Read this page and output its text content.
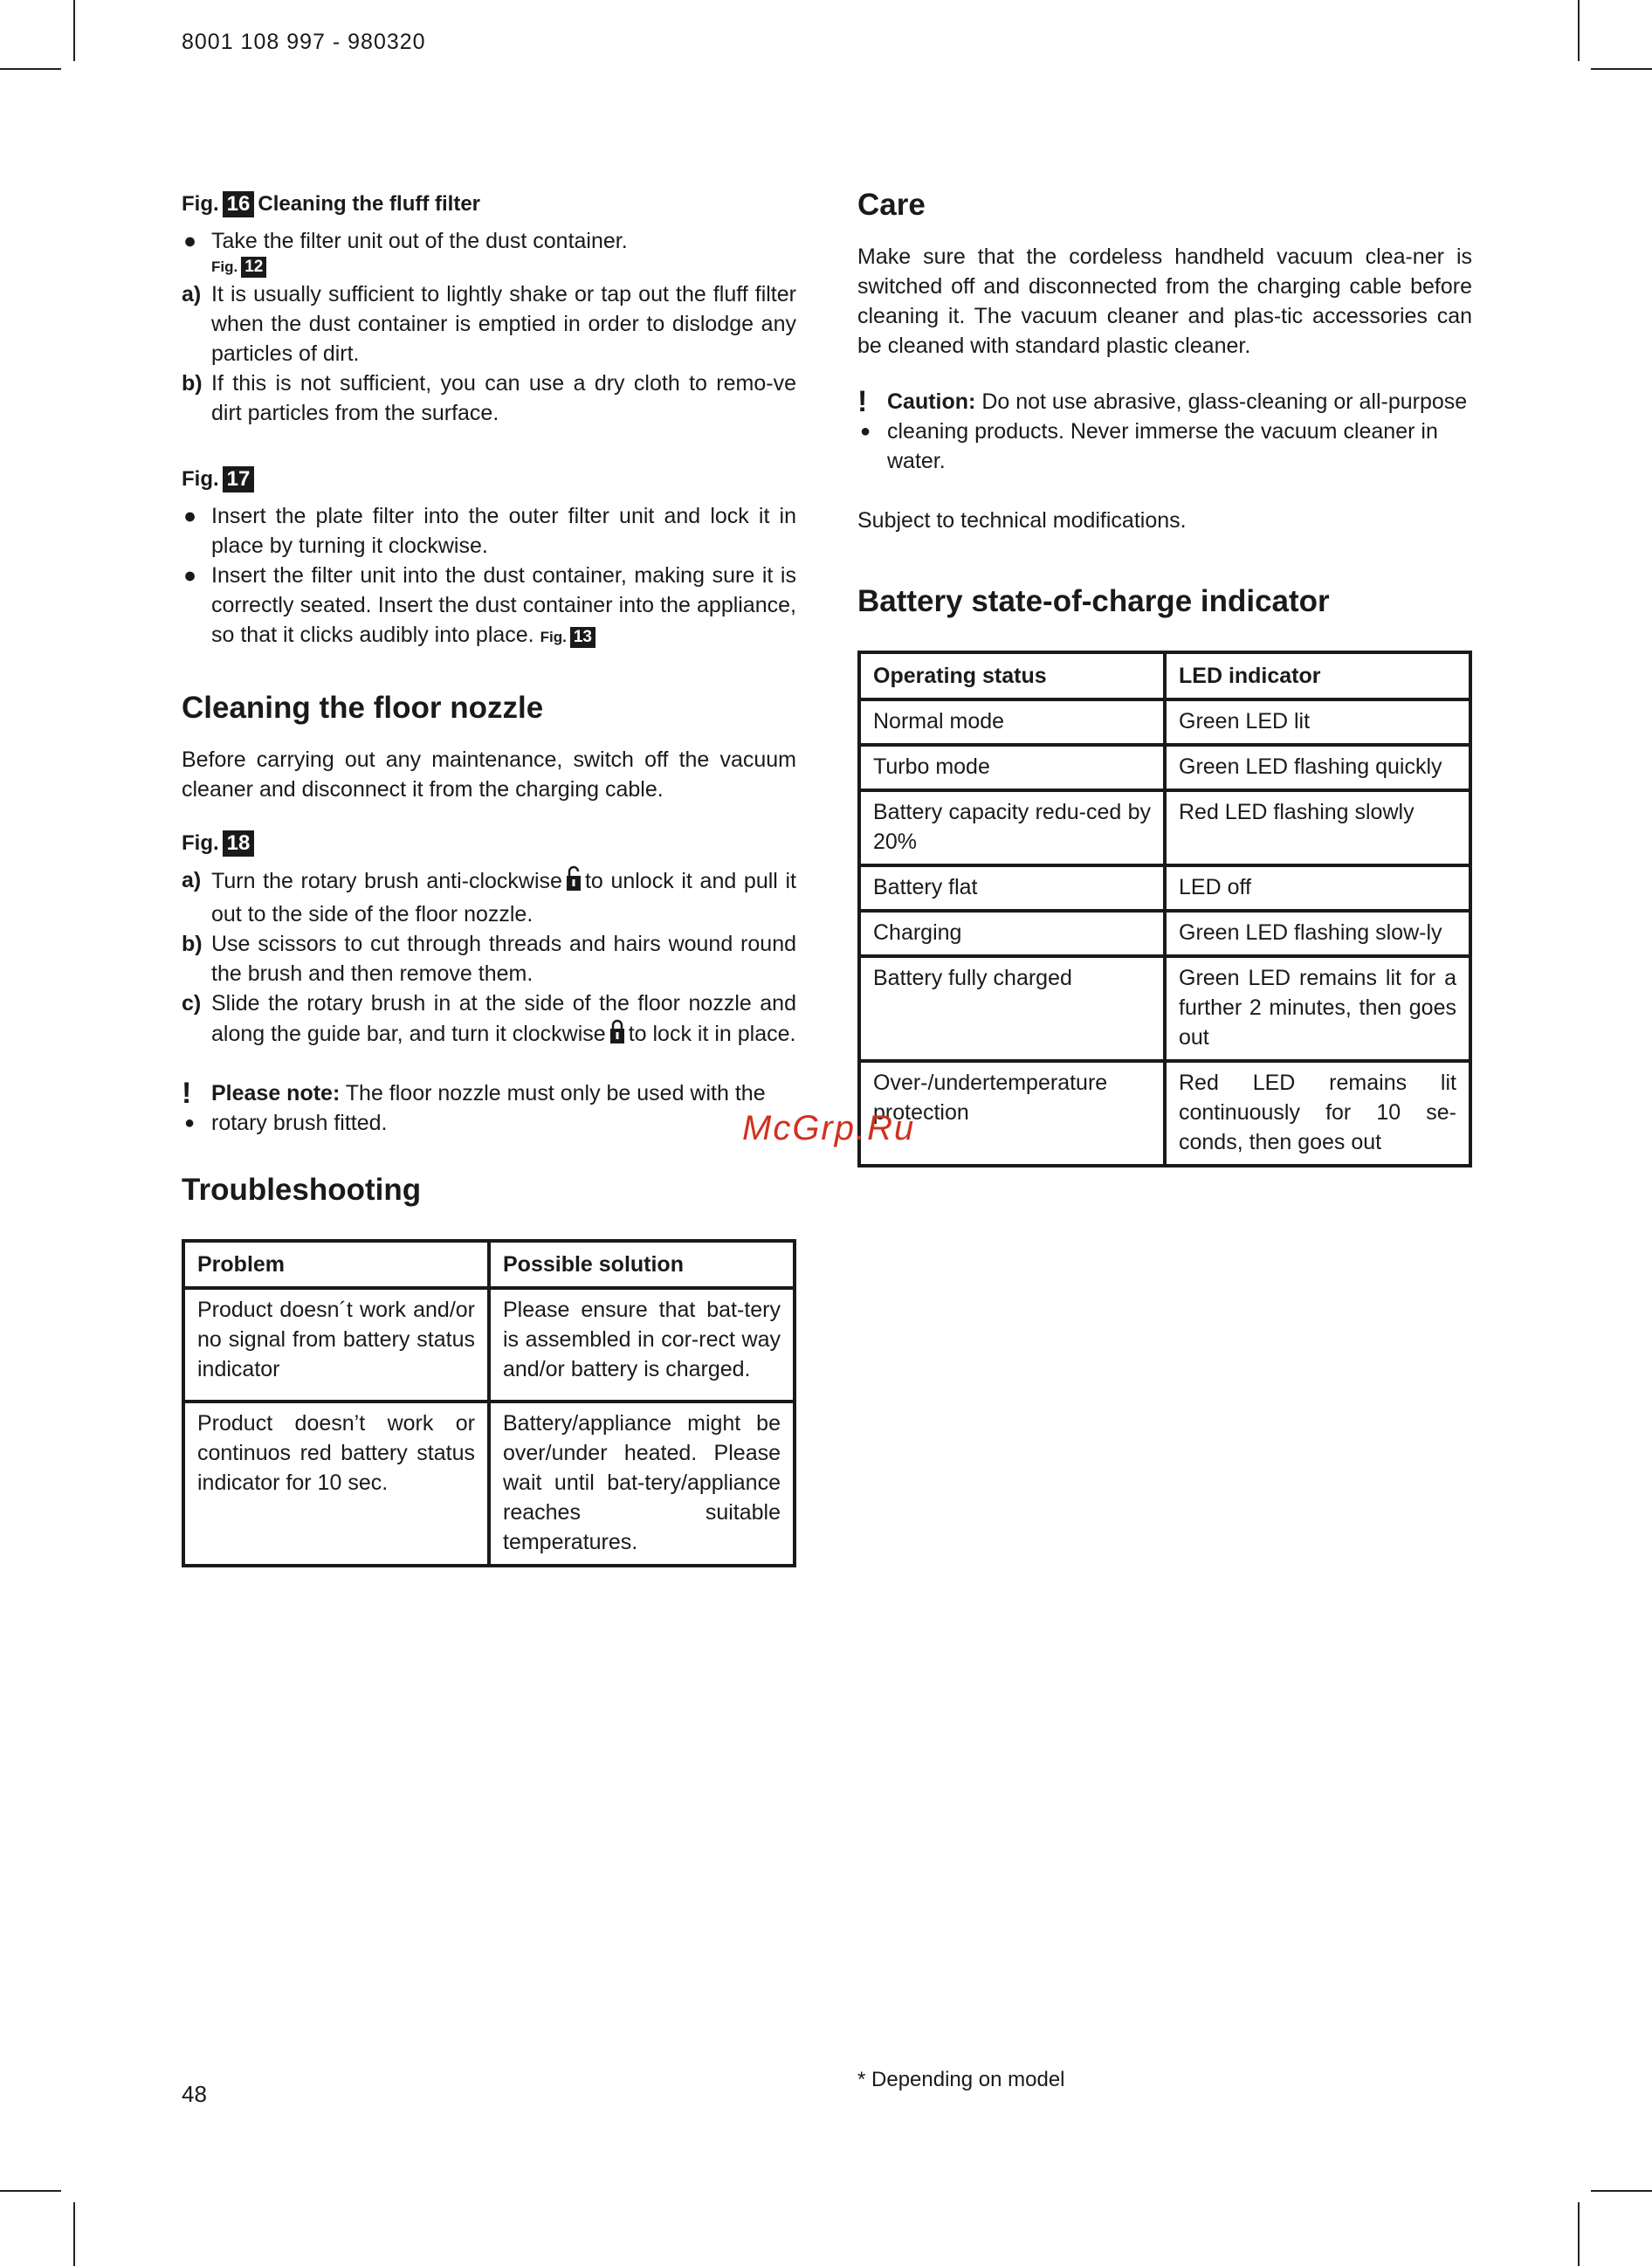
8001 108 997 - 980320

Fig. 16 Cleaning the fluff filter

● Take the filter unit out of the dust container.
Fig. 12
a) It is usually sufficient to lightly shake or tap out the fluff filter when the dust container is emptied in order to dislodge any particles of dirt.
b) If this is not sufficient, you can use a dry cloth to remo-ve dirt particles from the surface.

Fig. 17

● Insert the plate filter into the outer filter unit and lock it in place by turning it clockwise.
● Insert the filter unit into the dust container, making sure it is correctly seated. Insert the dust container into the appliance, so that it clicks audibly into place. Fig. 13
Cleaning the floor nozzle
Before carrying out any maintenance, switch off the vacuum cleaner and disconnect it from the charging cable.

Fig. 18

a) Turn the rotary brush anti-clockwise to unlock it and pull it out to the side of the floor nozzle.
b) Use scissors to cut through threads and hairs wound round the brush and then remove them.
c) Slide the rotary brush in at the side of the floor nozzle and along the guide bar, and turn it clockwise to lock it in place.
!
●
Please note: The floor nozzle must only be used with the rotary brush fitted.
Troubleshooting
Problem	Possible solution
Product doesn´t work and/or no signal from battery status indicator	Please ensure that bat-tery is assembled in cor-rect way and/or battery is charged.
Product doesn’t work or continuos red battery status indicator for 10 sec.	Battery/appliance might be over/under heated. Please wait until bat-tery/appliance reaches suitable temperatures.
Care
Make sure that the cordeless handheld vacuum clea-ner is switched off and disconnected from the charging cable before cleaning it. The vacuum cleaner and plas-tic accessories can be cleaned with standard plastic cleaner.
!
●
Caution: Do not use abrasive, glass-cleaning or all-purpose cleaning products. Never immerse the vacuum cleaner in water.
Subject to technical modifications.
Battery state-of-charge indicator
Operating status	LED indicator
Normal mode	Green LED lit
Turbo mode	Green LED flashing quickly
Battery capacity redu-ced by 20%	Red LED flashing slowly
Battery flat	LED off
Charging	Green LED flashing slow-ly
Battery fully charged	Green LED remains lit for a further 2 minutes, then goes out
Over-/undertemperature protection	Red LED remains lit continuously for 10 se-conds, then goes out
McGrp.Ru
* Depending on model
48
